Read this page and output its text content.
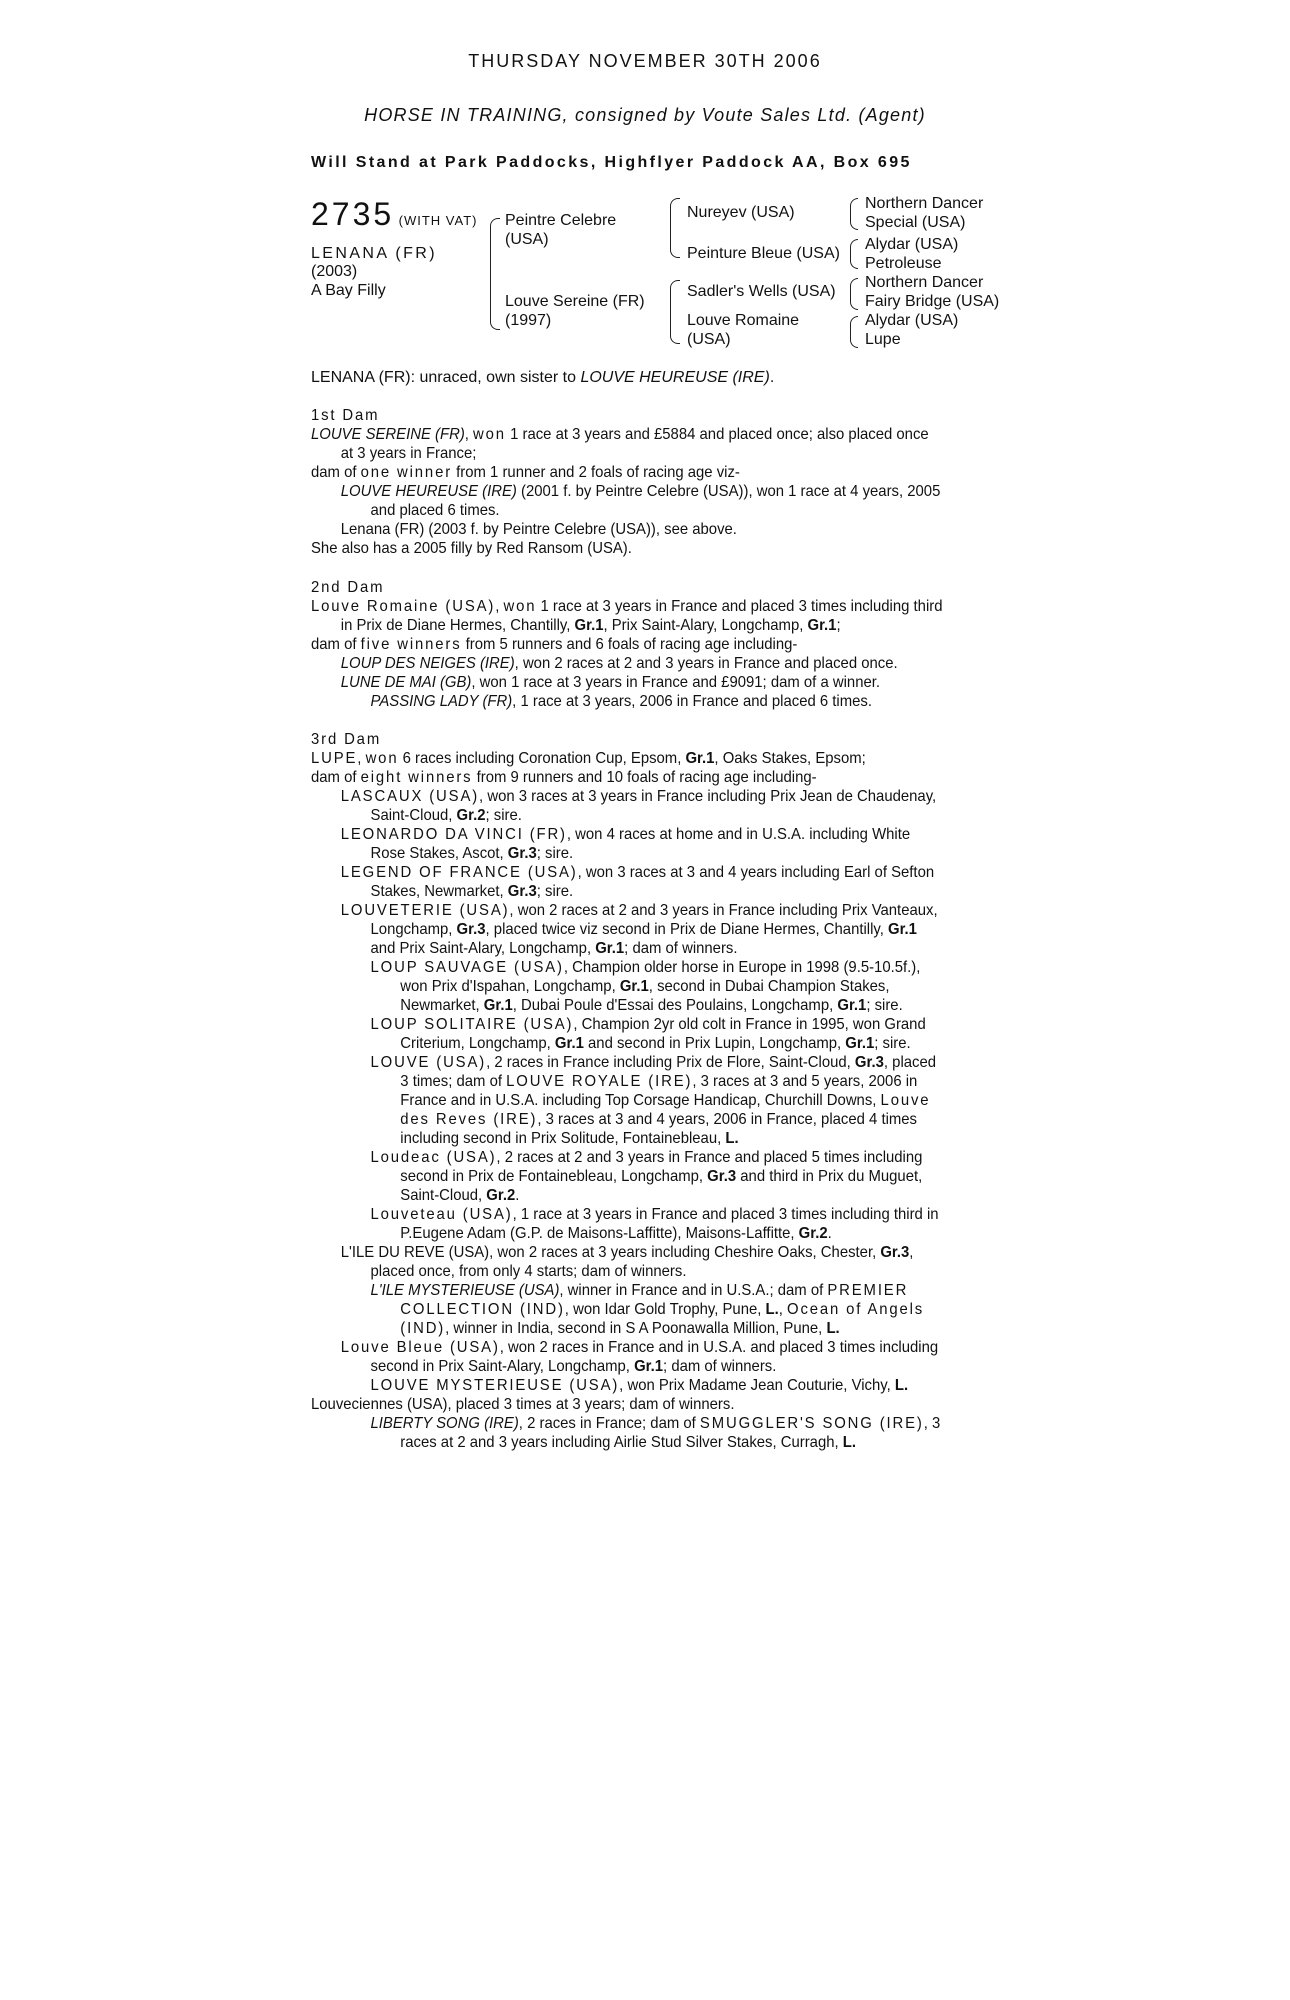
THURSDAY NOVEMBER 30TH 2006
HORSE IN TRAINING, consigned by Voute Sales Ltd. (Agent)
Will Stand at Park Paddocks, Highflyer Paddock AA, Box 695
2735 (WITH VAT)
LENANA (FR)
(2003)
A Bay Filly
Peintre Celebre
(USA)
Louve Sereine (FR)
(1997)
Nureyev (USA)
Peinture Bleue (USA)
Sadler's Wells (USA)
Louve Romaine
(USA)
Northern Dancer
Special (USA)
Alydar (USA)
Petroleuse
Northern Dancer
Fairy Bridge (USA)
Alydar (USA)
Lupe
LENANA (FR): unraced, own sister to LOUVE HEUREUSE (IRE).
1st Dam

LOUVE SEREINE (FR), won 1 race at 3 years and £5884 and placed once; also placed once at 3 years in France;

dam of one winner from 1 runner and 2 foals of racing age viz-

LOUVE HEUREUSE (IRE) (2001 f. by Peintre Celebre (USA)), won 1 race at 4 years, 2005 and placed 6 times.

Lenana (FR) (2003 f. by Peintre Celebre (USA)), see above.

She also has a 2005 filly by Red Ransom (USA).

2nd Dam

Louve Romaine (USA), won 1 race at 3 years in France and placed 3 times including third in Prix de Diane Hermes, Chantilly, Gr.1, Prix Saint-Alary, Longchamp, Gr.1;

dam of five winners from 5 runners and 6 foals of racing age including-

LOUP DES NEIGES (IRE), won 2 races at 2 and 3 years in France and placed once.

LUNE DE MAI (GB), won 1 race at 3 years in France and £9091; dam of a winner.

PASSING LADY (FR), 1 race at 3 years, 2006 in France and placed 6 times.

3rd Dam

LUPE, won 6 races including Coronation Cup, Epsom, Gr.1, Oaks Stakes, Epsom;

dam of eight winners from 9 runners and 10 foals of racing age including-

LASCAUX (USA), won 3 races at 3 years in France including Prix Jean de Chaudenay, Saint-Cloud, Gr.2; sire.

LEONARDO DA VINCI (FR), won 4 races at home and in U.S.A. including White Rose Stakes, Ascot, Gr.3; sire.

LEGEND OF FRANCE (USA), won 3 races at 3 and 4 years including Earl of Sefton Stakes, Newmarket, Gr.3; sire.

LOUVETERIE (USA), won 2 races at 2 and 3 years in France including Prix Vanteaux, Longchamp, Gr.3, placed twice viz second in Prix de Diane Hermes, Chantilly, Gr.1 and Prix Saint-Alary, Longchamp, Gr.1; dam of winners.

LOUP SAUVAGE (USA), Champion older horse in Europe in 1998 (9.5-10.5f.), won Prix d'Ispahan, Longchamp, Gr.1, second in Dubai Champion Stakes, Newmarket, Gr.1, Dubai Poule d'Essai des Poulains, Longchamp, Gr.1; sire.

LOUP SOLITAIRE (USA), Champion 2yr old colt in France in 1995, won Grand Criterium, Longchamp, Gr.1 and second in Prix Lupin, Longchamp, Gr.1; sire.

LOUVE (USA), 2 races in France including Prix de Flore, Saint-Cloud, Gr.3, placed 3 times; dam of LOUVE ROYALE (IRE), 3 races at 3 and 5 years, 2006 in France and in U.S.A. including Top Corsage Handicap, Churchill Downs, Louve des Reves (IRE), 3 races at 3 and 4 years, 2006 in France, placed 4 times including second in Prix Solitude, Fontainebleau, L.

Loudeac (USA), 2 races at 2 and 3 years in France and placed 5 times including second in Prix de Fontainebleau, Longchamp, Gr.3 and third in Prix du Muguet, Saint-Cloud, Gr.2.

Louveteau (USA), 1 race at 3 years in France and placed 3 times including third in P.Eugene Adam (G.P. de Maisons-Laffitte), Maisons-Laffitte, Gr.2.

L'ILE DU REVE (USA), won 2 races at 3 years including Cheshire Oaks, Chester, Gr.3, placed once, from only 4 starts; dam of winners.

L'ILE MYSTERIEUSE (USA), winner in France and in U.S.A.; dam of PREMIER COLLECTION (IND), won Idar Gold Trophy, Pune, L., Ocean of Angels (IND), winner in India, second in S A Poonawalla Million, Pune, L.

Louve Bleue (USA), won 2 races in France and in U.S.A. and placed 3 times including second in Prix Saint-Alary, Longchamp, Gr.1; dam of winners.

LOUVE MYSTERIEUSE (USA), won Prix Madame Jean Couturie, Vichy, L.

Louveciennes (USA), placed 3 times at 3 years; dam of winners.

LIBERTY SONG (IRE), 2 races in France; dam of SMUGGLER'S SONG (IRE), 3 races at 2 and 3 years including Airlie Stud Silver Stakes, Curragh, L.
